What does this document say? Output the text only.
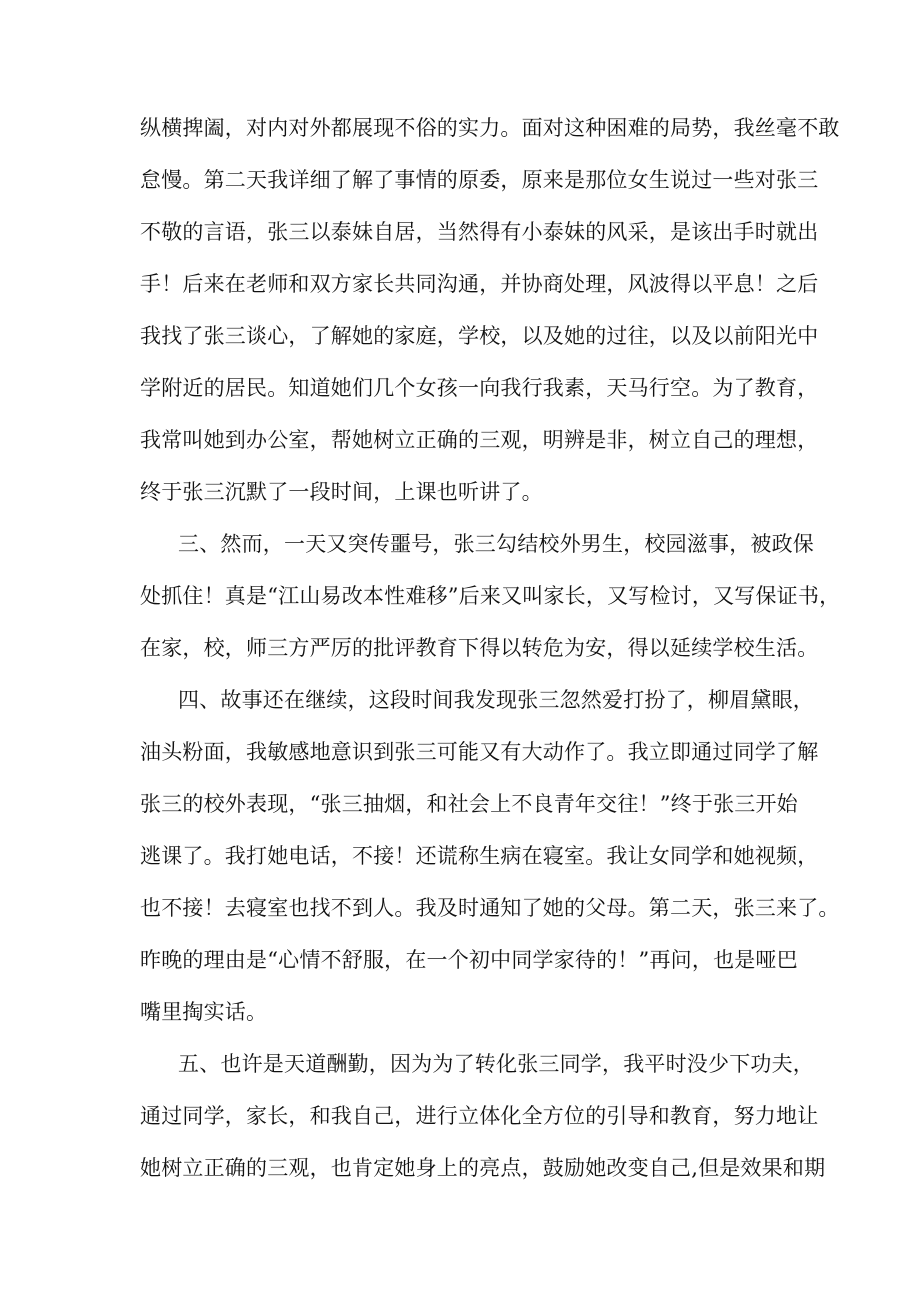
纵横捭阖，对内对外都展现不俗的实力。面对这种困难的局势，我丝毫不敢
怠慢。第二天我详细了解了事情的原委，原来是那位女生说过一些对张三
不敬的言语，张三以泰妹自居，当然得有小泰妹的风采，是该出手时就出
手！后来在老师和双方家长共同沟通，并协商处理，风波得以平息！之后
我找了张三谈心，了解她的家庭，学校，以及她的过往，以及以前阳光中
学附近的居民。知道她们几个女孩一向我行我素，天马行空。为了教育，
我常叫她到办公室，帮她树立正确的三观，明辨是非，树立自己的理想，
终于张三沉默了一段时间，上课也听讲了。
三、然而，一天又突传噩号，张三勾结校外男生，校园滋事，被政保
处抓住！真是“江山易改本性难移”后来又叫家长，又写检讨，又写保证书，
在家，校，师三方严厉的批评教育下得以转危为安，得以延续学校生活。
四、故事还在继续，这段时间我发现张三忽然爱打扮了，柳眉黛眼，
油头粉面，我敏感地意识到张三可能又有大动作了。我立即通过同学了解
张三的校外表现，“张三抽烟，和社会上不良青年交往！”终于张三开始
逃课了。我打她电话，不接！还谎称生病在寝室。我让女同学和她视频，
也不接！去寝室也找不到人。我及时通知了她的父母。第二天，张三来了。
昨晚的理由是“心情不舒服，在一个初中同学家待的！”再问，也是哑巴
嘴里掏实话。
五、也许是天道酬勤，因为为了转化张三同学，我平时没少下功夫，
通过同学，家长，和我自己，进行立体化全方位的引导和教育，努力地让
她树立正确的三观，也肯定她身上的亮点，鼓励她改变自己,但是效果和期
